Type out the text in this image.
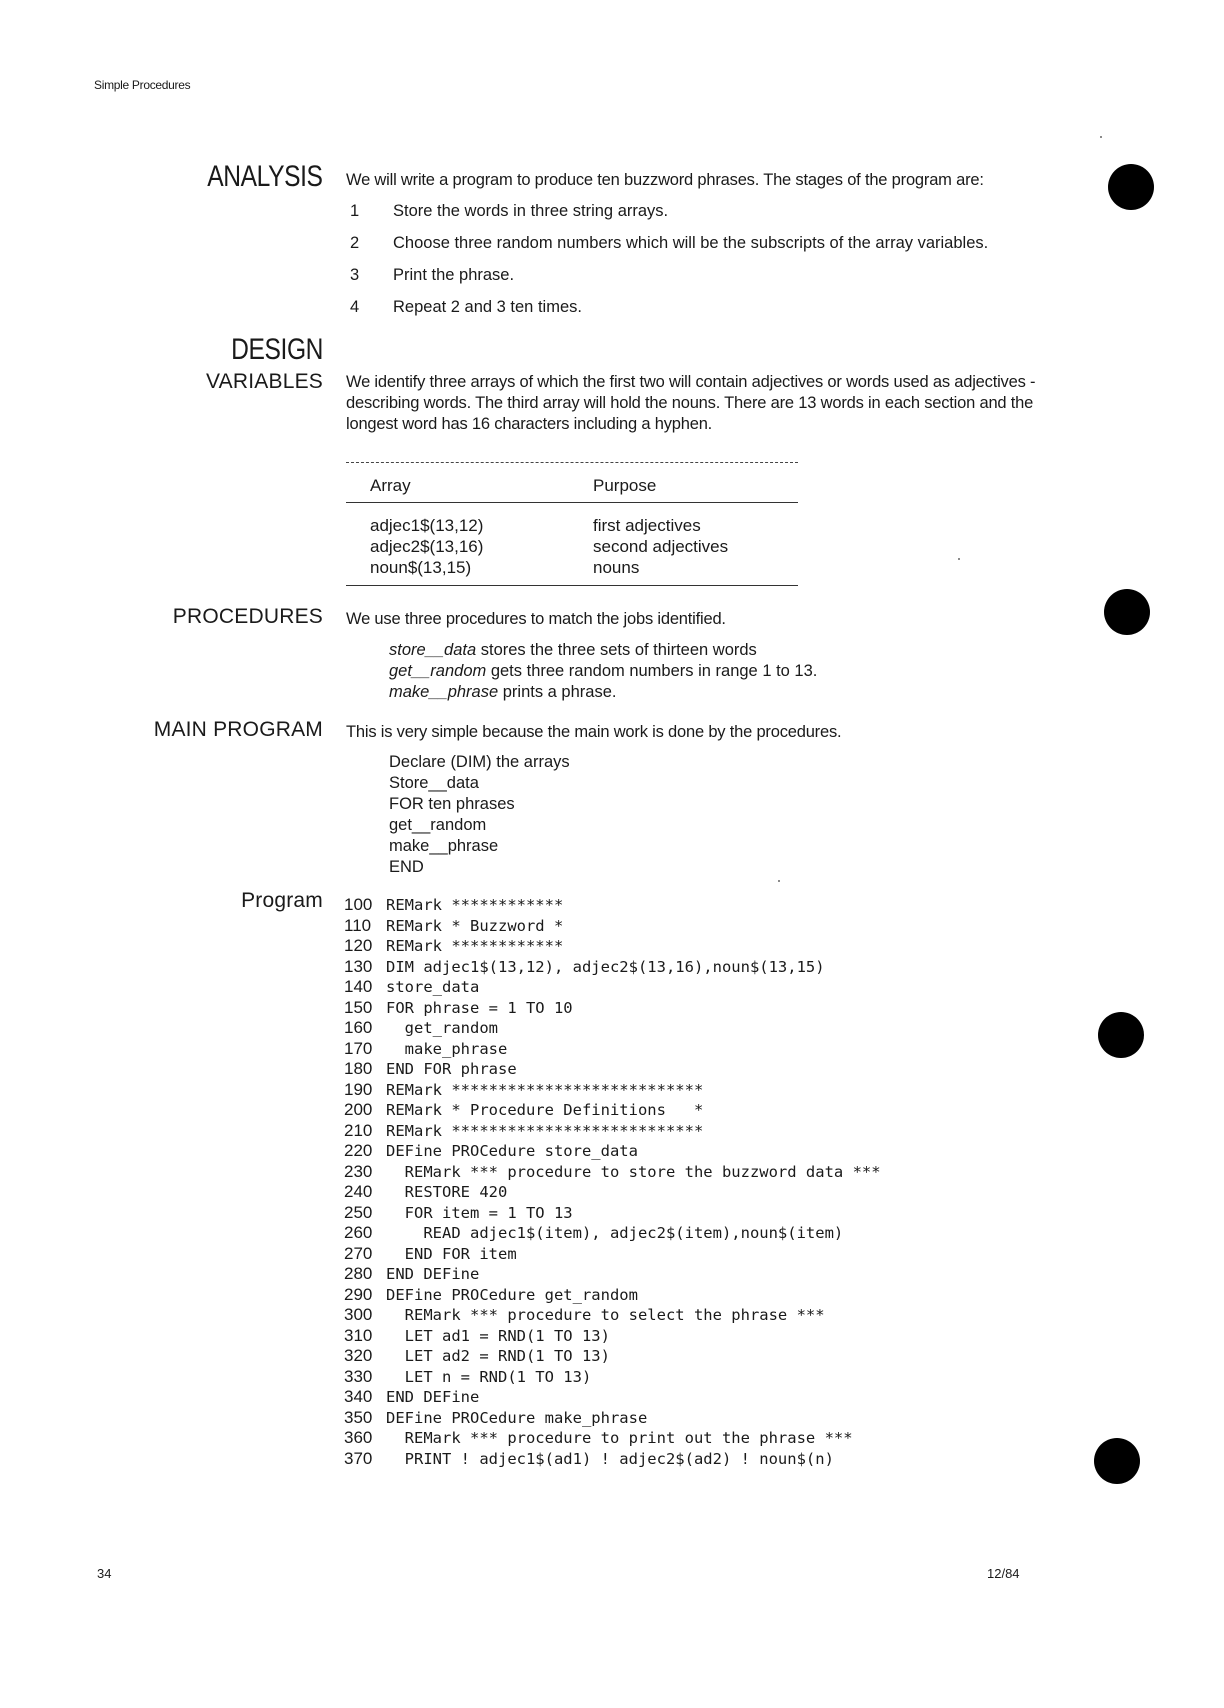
Simple Procedures
ANALYSIS We will write a program to produce ten buzzword phrases. The stages of the program are:
1	Store the words in three string arrays.
2	Choose three random numbers which will be the subscripts of the array variables.
3	Print the phrase.
4	Repeat 2 and 3 ten times.
DESIGN
VARIABLES We identify three arrays of which the first two will contain adjectives or words used as adjectives - describing words. The third array will hold the nouns. There are 13 words in each section and the longest word has 16 characters including a hyphen.
Array	Purpose
adjec1$(13,12)	first adjectives
adjec2$(13,16)	second adjectives
noun$(13,15)	nouns
PROCEDURES We use three procedures to match the jobs identified.
store__data stores the three sets of thirteen words
get__random gets three random numbers in range 1 to 13.
make__phrase prints a phrase.
MAIN PROGRAM This is very simple because the main work is done by the procedures.
Declare (DIM) the arrays
Store__data
FOR ten phrases
get__random
make__phrase
END
Program 100 REMark ************
110 REMark * Buzzword *
120 REMark ************
130 DIM adjec1$(13,12), adjec2$(13,16),noun$(13,15)
140 store_data
150 FOR phrase = 1 TO 10
160  get_random
170  make_phrase
180 END FOR phrase
190 REMark ***************************
200 REMark * Procedure Definitions   *
210 REMark ***************************
220 DEFine PROCedure store_data
230  REMark *** procedure to store the buzzword data ***
240  RESTORE 420
250  FOR item = 1 TO 13
260    READ adjec1$(item), adjec2$(item),noun$(item)
270  END FOR item
280 END DEFine
290 DEFine PROCedure get_random
300  REMark *** procedure to select the phrase ***
310  LET ad1 = RND(1 TO 13)
320  LET ad2 = RND(1 TO 13)
330  LET n = RND(1 TO 13)
340 END DEFine
350 DEFine PROCedure make_phrase
360  REMark *** procedure to print out the phrase ***
370  PRINT ! adjec1$(ad1) ! adjec2$(ad2) ! noun$(n)
34	12/84
